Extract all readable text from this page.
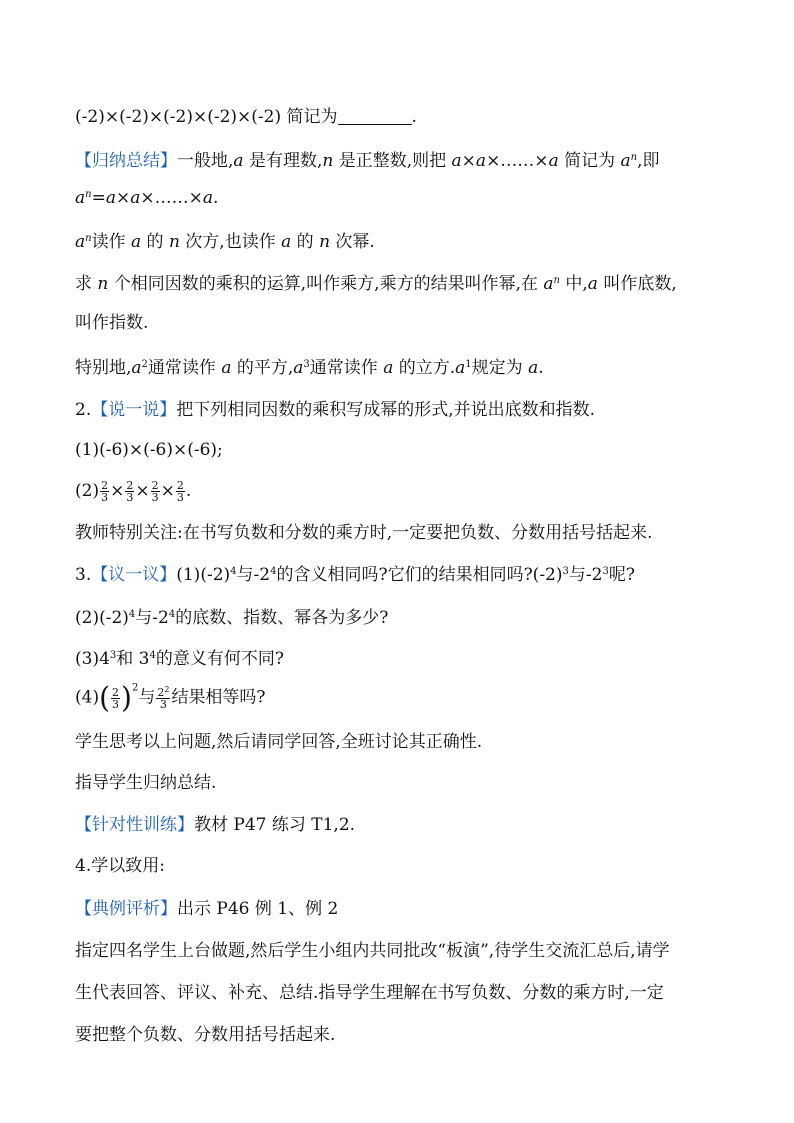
(-2)×(-2)×(-2)×(-2)×(-2) 简记为	.
【归纳总结】一般地,a 是有理数,n 是正整数,则把 a×a×……×a 简记为 $a^n$,即
$a^n=a\times a\times\dots\dots\times a$.
$a^n$读作 a 的 n 次方,也读作 a 的 n 次幂.
求 n 个相同因数的乘积的运算,叫作乘方,乘方的结果叫作幂,在 $a^n$ 中,a 叫作底数,
叫作指数.
特别地$,a^2$通常读作 a 的平方$,a^3$通常读作 a 的立方$.a^1$规定为 a.
2.【说一说】把下列相同因数的乘积写成幂的形式,并说出底数和指数.
(1)(-6)×(-6)×(-6);
$(2) \frac{2}{3} \times \frac{2}{3} \times \frac{2}{3} \times \frac{2}{3}$ .
教师特别关注:在书写负数和分数的乘方时,一定要把负数、分数用括号括起来.
3.【议一议】$(1)(-2)^4$与$-2^4$的含义相同吗?它们的结果相同吗$?(-2)^3$与$-2^3$呢?
$(2)(-2)^4$与$-2^4$的底数、指数、幂各为多少?
$(3)4^3$和 $3^4$的意义有何不同?
$(4)( \frac{2}{3} )^2$与 $\frac{2^2}{3}$ 结果相等吗?
学生思考以上问题,然后请同学回答,全班讨论其正确性.
指导学生归纳总结.
【针对性训练】教材 P47 练习 T1,2.
4.学以致用:
【典例评析】出示 P46 例 1、例 2
指定四名学生上台做题,然后学生小组内共同批改“板演”,待学生交流汇总后,请学
生代表回答、评议、补充、总结.指导学生理解在书写负数、分数的乘方时,一定
要把整个负数、分数用括号括起来.
